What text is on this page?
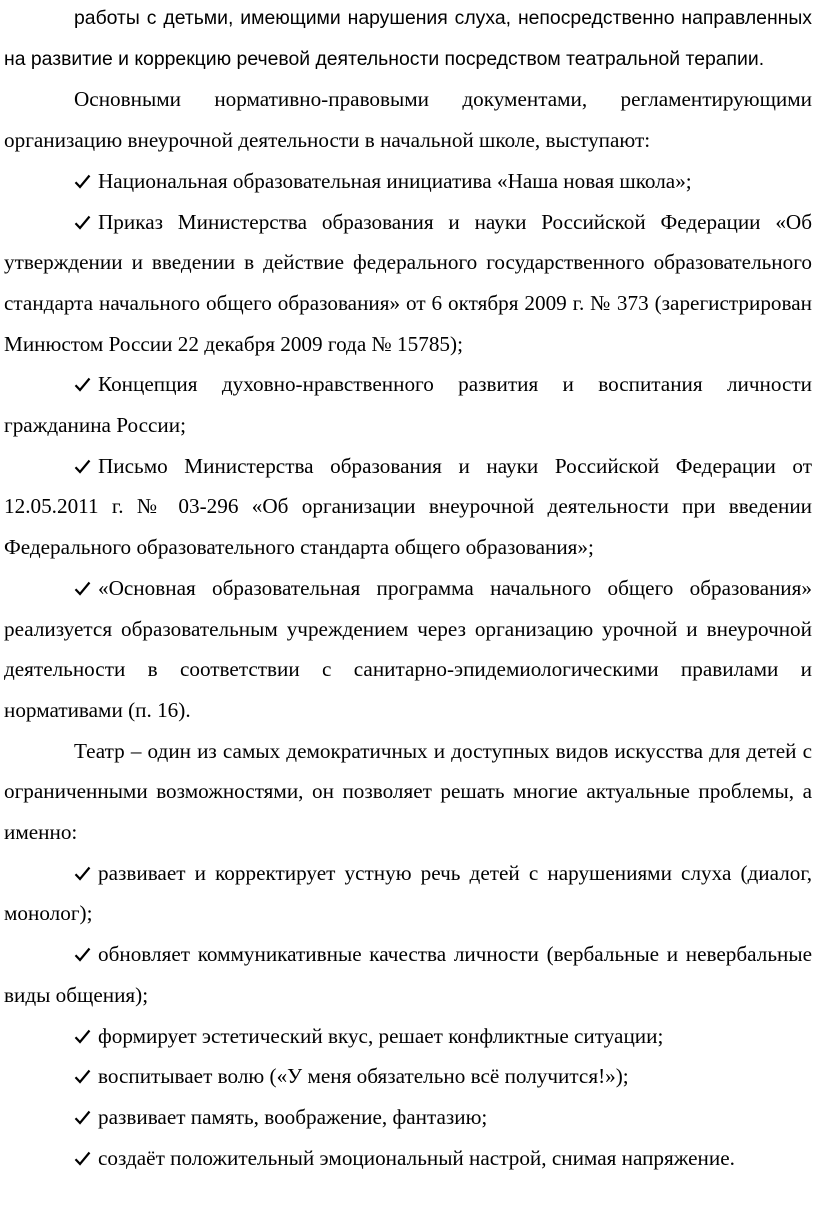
работы с детьми, имеющими нарушения слуха, непосредственно направленных на развитие и коррекцию речевой деятельности посредством театральной терапии.

Основными нормативно-правовыми документами, регламентирующими организацию внеурочной деятельности в начальной школе, выступают:

Национальная образовательная инициатива «Наша новая школа»;

Приказ Министерства образования и науки Российской Федерации «Об утверждении и введении в действие федерального государственного образовательного стандарта начального общего образования» от 6 октября 2009 г. № 373 (зарегистрирован Минюстом России 22 декабря 2009 года № 15785);

Концепция духовно-нравственного развития и воспитания личности гражданина России;

Письмо Министерства образования и науки Российской Федерации от 12.05.2011 г. № 03-296 «Об организации внеурочной деятельности при введении Федерального образовательного стандарта общего образования»;

«Основная образовательная программа начального общего образования» реализуется образовательным учреждением через организацию урочной и внеурочной деятельности в соответствии с санитарно-эпидемиологическими правилами и нормативами (п. 16).

Театр – один из самых демократичных и доступных видов искусства для детей с ограниченными возможностями, он позволяет решать многие актуальные проблемы, а именно:

развивает и корректирует устную речь детей с нарушениями слуха (диалог, монолог);

обновляет коммуникативные качества личности (вербальные и невербальные виды общения);

формирует эстетический вкус, решает конфликтные ситуации;

воспитывает волю («У меня обязательно всё получится!»);

развивает память, воображение, фантазию;

создаёт положительный эмоциональный настрой, снимая напряжение.
